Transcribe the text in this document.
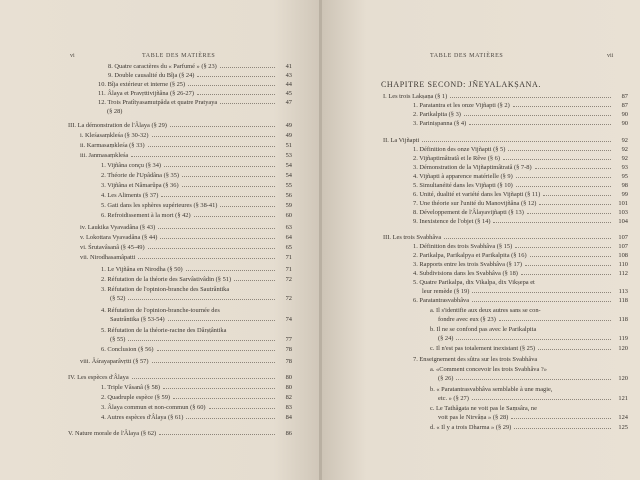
vi	TABLE DES MATIÈRES
8. Quatre caractères du « Parfumé » (§ 23)	41
9. Double causalité du Bîja (§ 24)	43
10. Bîja extérieur et interne (§ 25)	44
11. Âlaya et Pravṛttivijñâna (§ 26-27)	45
12. Trois Pratîtyasamutpâda et quatre Pratyaya	47
(§ 28)
III. La démonstration de l'Âlaya (§ 29)	49
i. Kleśasaṃkleśa (§ 30-32)	49
ii. Karmasaṃkleśa (§ 33)	51
iii. Janmasaṃkleśa	53
1. Vijñâna conçu (§ 34)	54
2. Théorie de l'Upâdâna (§ 35)	54
3. Vijñâna et Nâmarûpa (§ 36)	55
4. Les Aliments (§ 37)	56
5. Gati dans les sphères supérieures (§ 38-41)	59
6. Refroidissement à la mort (§ 42)	60
iv. Laukika Vyavadâna (§ 43)	63
v. Lokottara Vyavadâna (§ 44)	64
vi. Śrutavâsanâ (§ 45-49)	65
vii. Nirodhasamâpatti	71
1. Le Vijñâna en Nirodha (§ 50)	71
2. Réfutation de la théorie des Sarvâstivâdin (§ 51)	72
3. Réfutation de l'opinion-branche des Sautrântika
(§ 52)	72
4. Réfutation de l'opinion-branche-tournée des
Sautrântika (§ 53-54)	74
5. Réfutation de la théorie-racine des Dârṣṭântika
(§ 55)	77
6. Conclusion (§ 56)	78
viii. Âśrayaparâvṛtti (§ 57)	78
IV. Les espèces d'Âlaya	80
1. Triple Vâsanâ (§ 58)	80
2. Quadruple espèce (§ 59)	82
3. Âlaya commun et non-commun (§ 60)	83
4. Autres espèces d'Âlaya (§ 61)	84
V. Nature morale de l'Âlaya (§ 62)	86
TABLE DES MATIÈRES	vii
CHAPITRE SECOND: JÑEYALAKṢANA.
I. Les trois Lakṣaṇa (§ 1)	87
1. Paratantra et les onze Vijñapti (§ 2)	87
2. Parikalpita (§ 3)	90
3. Pariniṣpanna (§ 4)	90
II. La Vijñapti	92
1. Définition des onze Vijñapti (§ 5)	92
2. Vijñaptimâtratâ et le Rêve (§ 6)	92
3. Démonstration de la Vijñaptimâtratâ (§ 7-8)	93
4. Vijñapti à apparence matérielle (§ 9)	95
5. Simultanéité dans les Vijñapti (§ 10)	98
6. Unité, dualité et variété dans les Vijñapti (§ 11)	99
7. Une théorie sur l'unité du Manovijñâna (§ 12)	101
8. Développement de l'Âlayavijñapti (§ 13)	103
9. Inexistence de l'objet (§ 14)	104
III. Les trois Svabhâva	107
1. Définition des trois Svabhâva (§ 15)	107
2. Parikalpa, Parikalpya et Parikalpita (§ 16)	108
3. Rapports entre les trois Svabhâva (§ 17)	110
4. Subdivisions dans les Svabhâva (§ 18)	112
5. Quatre Parikalpa, dix Vikalpa, dix Vikṣepa et
leur remède (§ 19)	113
6. Paratantrasvabhâva	118
a. Il s'identifie aux deux autres sans se con-
fondre avec eux (§ 23)	118
b. Il ne se confond pas avec le Parikalpita
(§ 24)	119
c. Il n'est pas totalement inexistant (§ 25)	120
7. Enseignement des sûtra sur les trois Svabhâva
a. «Comment concevoir les trois Svabhâva ?»
(§ 26)	120
b. « Paratantrasvabhâva semblable à une magie,
etc. » (§ 27)	121
c. Le Tathâgata ne voit pas le Saṃsâra, ne
voit pas le Nirvâṇa » (§ 28)	124
d. « Il y a trois Dharma » (§ 29)	125
